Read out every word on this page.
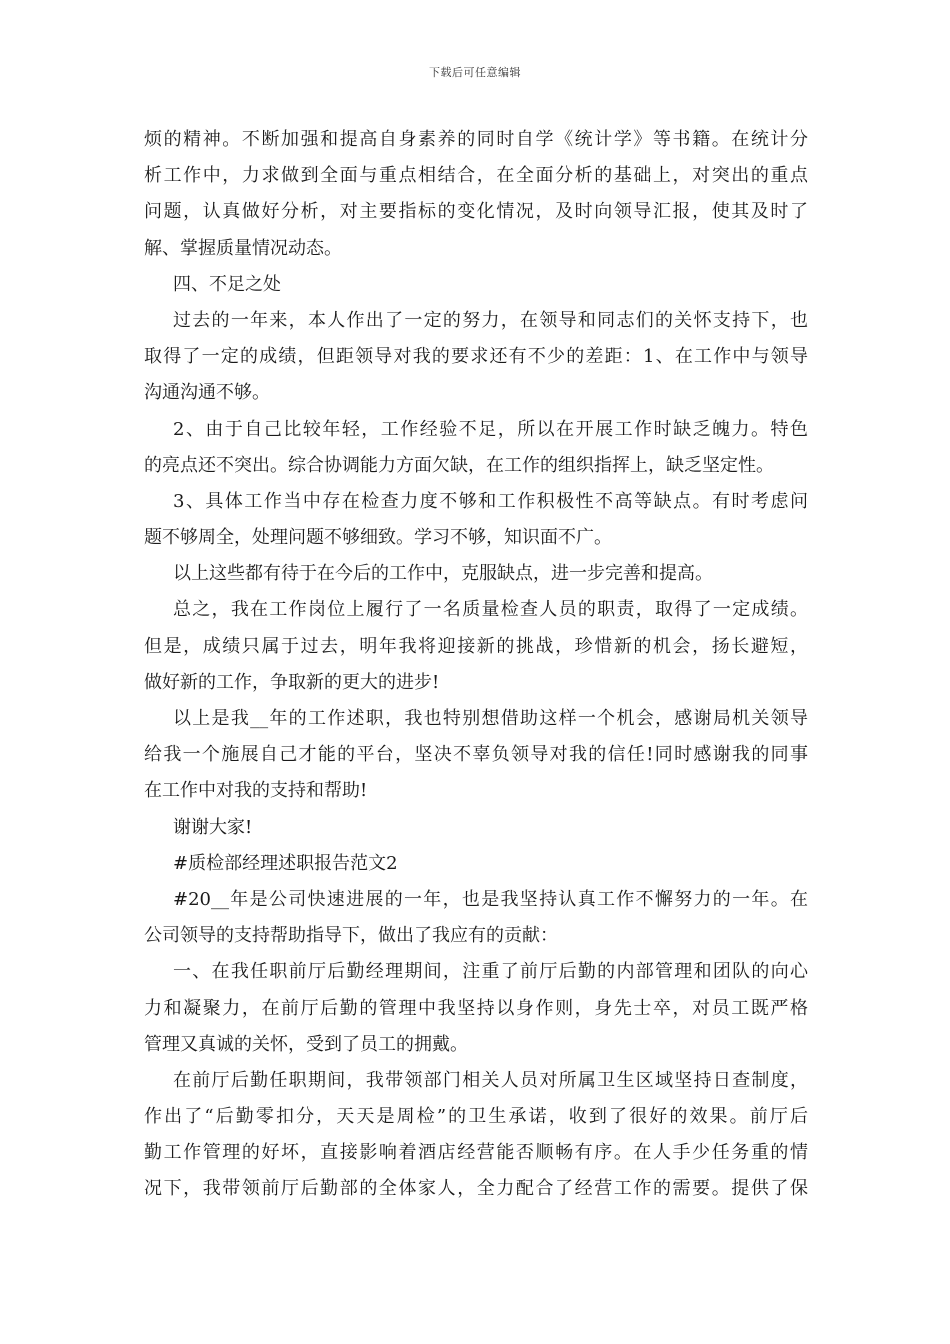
下载后可任意编辑
烦的精神。不断加强和提高自身素养的同时自学《统计学》等书籍。在统计分
析工作中，力求做到全面与重点相结合，在全面分析的基础上，对突出的重点
问题，认真做好分析，对主要指标的变化情况，及时向领导汇报，使其及时了
解、掌握质量情况动态。
四、不足之处
过去的一年来，本人作出了一定的努力，在领导和同志们的关怀支持下，也
取得了一定的成绩，但距领导对我的要求还有不少的差距：1、在工作中与领导
沟通沟通不够。
2、由于自己比较年轻，工作经验不足，所以在开展工作时缺乏魄力。特色
的亮点还不突出。综合协调能力方面欠缺，在工作的组织指挥上，缺乏坚定性。
3、具体工作当中存在检查力度不够和工作积极性不高等缺点。有时考虑问
题不够周全，处理问题不够细致。学习不够，知识面不广。
以上这些都有待于在今后的工作中，克服缺点，进一步完善和提高。
总之，我在工作岗位上履行了一名质量检查人员的职责，取得了一定成绩。
但是，成绩只属于过去，明年我将迎接新的挑战，珍惜新的机会，扬长避短，
做好新的工作，争取新的更大的进步!
以上是我__年的工作述职，我也特别想借助这样一个机会，感谢局机关领导
给我一个施展自己才能的平台，坚决不辜负领导对我的信任!同时感谢我的同事
在工作中对我的支持和帮助!
谢谢大家!
#质检部经理述职报告范文2
#20__年是公司快速进展的一年，也是我坚持认真工作不懈努力的一年。在
公司领导的支持帮助指导下，做出了我应有的贡献：
一、在我任职前厅后勤经理期间，注重了前厅后勤的内部管理和团队的向心
力和凝聚力，在前厅后勤的管理中我坚持以身作则，身先士卒，对员工既严格
管理又真诚的关怀，受到了员工的拥戴。
在前厅后勤任职期间，我带领部门相关人员对所属卫生区域坚持日查制度，
作出了“后勤零扣分，天天是周检”的卫生承诺，收到了很好的效果。前厅后
勤工作管理的好坏，直接影响着酒店经营能否顺畅有序。在人手少任务重的情
况下，我带领前厅后勤部的全体家人，全力配合了经营工作的需要。提供了保
